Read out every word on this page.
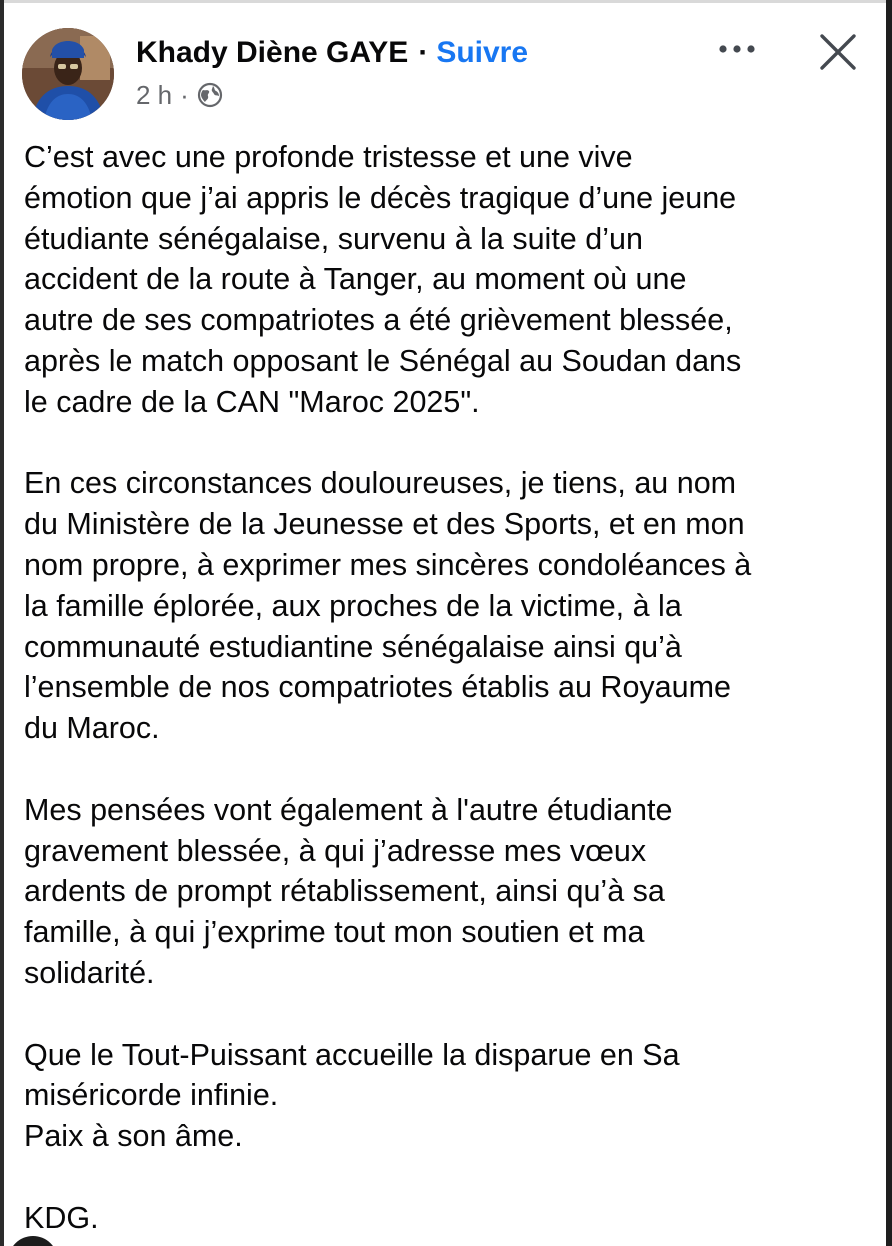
Khady Diène GAYE · Suivre
2 h ·

C’est avec une profonde tristesse et une vive
émotion que j’ai appris le décès tragique d’une jeune
étudiante sénégalaise, survenu à la suite d’un
accident de la route à Tanger, au moment où une
autre de ses compatriotes a été grièvement blessée,
après le match opposant le Sénégal au Soudan dans
le cadre de la CAN "Maroc 2025".

En ces circonstances douloureuses, je tiens, au nom
du Ministère de la Jeunesse et des Sports, et en mon
nom propre, à exprimer mes sincères condoléances à
la famille éplorée, aux proches de la victime, à la
communauté estudiantine sénégalaise ainsi qu’à
l’ensemble de nos compatriotes établis au Royaume
du Maroc.

Mes pensées vont également à l'autre étudiante
gravement blessée, à qui j’adresse mes vœux
ardents de prompt rétablissement, ainsi qu’à sa
famille, à qui j’exprime tout mon soutien et ma
solidarité.

Que le Tout-Puissant accueille la disparue en Sa
miséricorde infinie.
Paix à son âme.

KDG.
